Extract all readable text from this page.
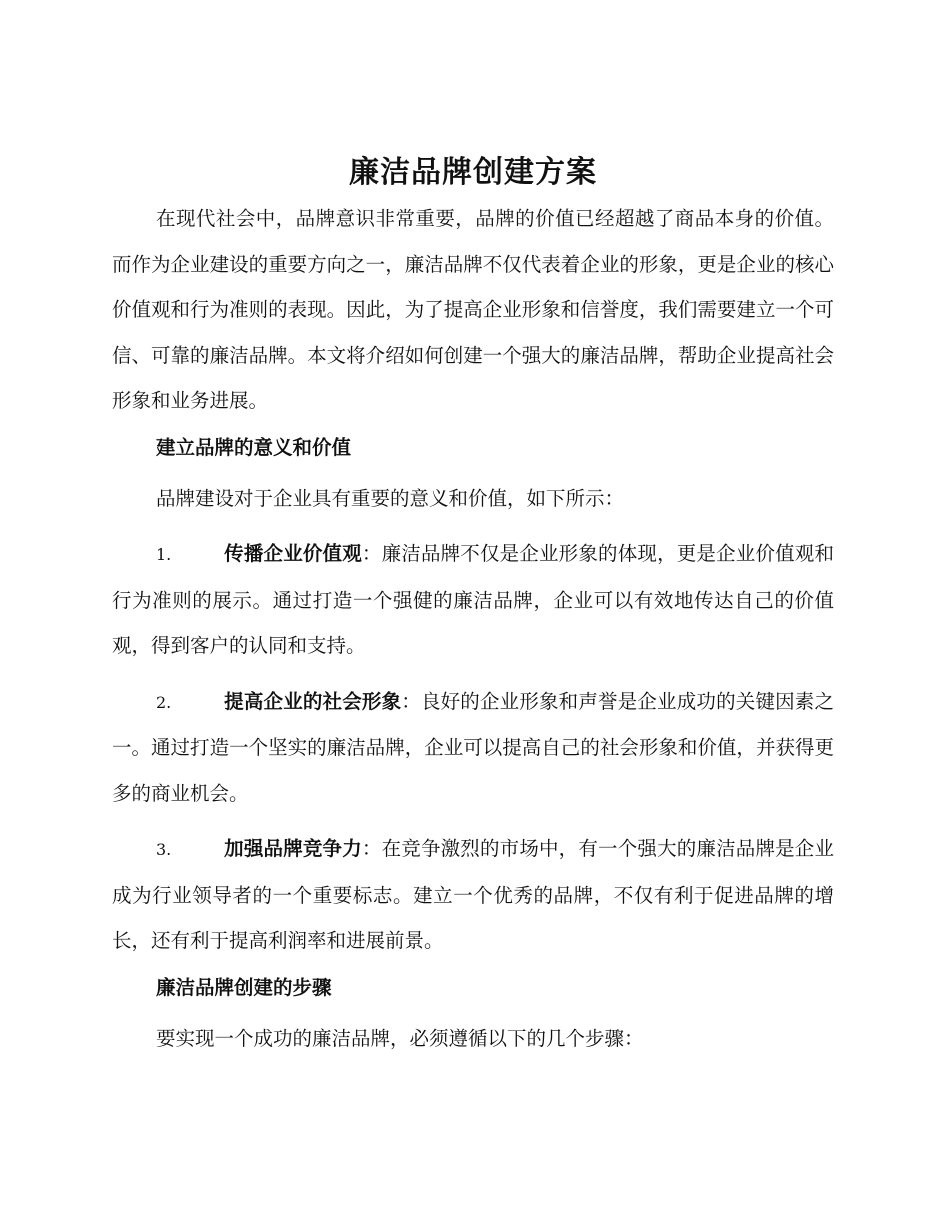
廉洁品牌创建方案

在现代社会中，品牌意识非常重要，品牌的价值已经超越了商品本身的价值。而作为企业建设的重要方向之一，廉洁品牌不仅代表着企业的形象，更是企业的核心价值观和行为准则的表现。因此，为了提高企业形象和信誉度，我们需要建立一个可信、可靠的廉洁品牌。本文将介绍如何创建一个强大的廉洁品牌，帮助企业提高社会形象和业务进展。

建立品牌的意义和价值

品牌建设对于企业具有重要的意义和价值，如下所示：

1.	传播企业价值观：廉洁品牌不仅是企业形象的体现，更是企业价值观和行为准则的展示。通过打造一个强健的廉洁品牌，企业可以有效地传达自己的价值观，得到客户的认同和支持。

2.	提高企业的社会形象：良好的企业形象和声誉是企业成功的关键因素之一。通过打造一个坚实的廉洁品牌，企业可以提高自己的社会形象和价值，并获得更多的商业机会。

3.	加强品牌竞争力：在竞争激烈的市场中，有一个强大的廉洁品牌是企业成为行业领导者的一个重要标志。建立一个优秀的品牌，不仅有利于促进品牌的增长，还有利于提高利润率和进展前景。

廉洁品牌创建的步骤

要实现一个成功的廉洁品牌，必须遵循以下的几个步骤：
